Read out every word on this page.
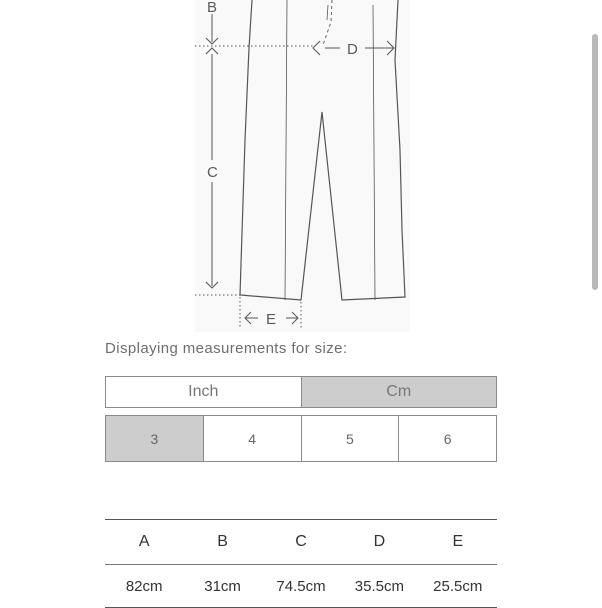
B
C
D
E
Displaying measurements for size:
Inch	Cm
3	4	5	6
A	B	C	D	E
82cm	31cm	74.5cm	35.5cm	25.5cm
